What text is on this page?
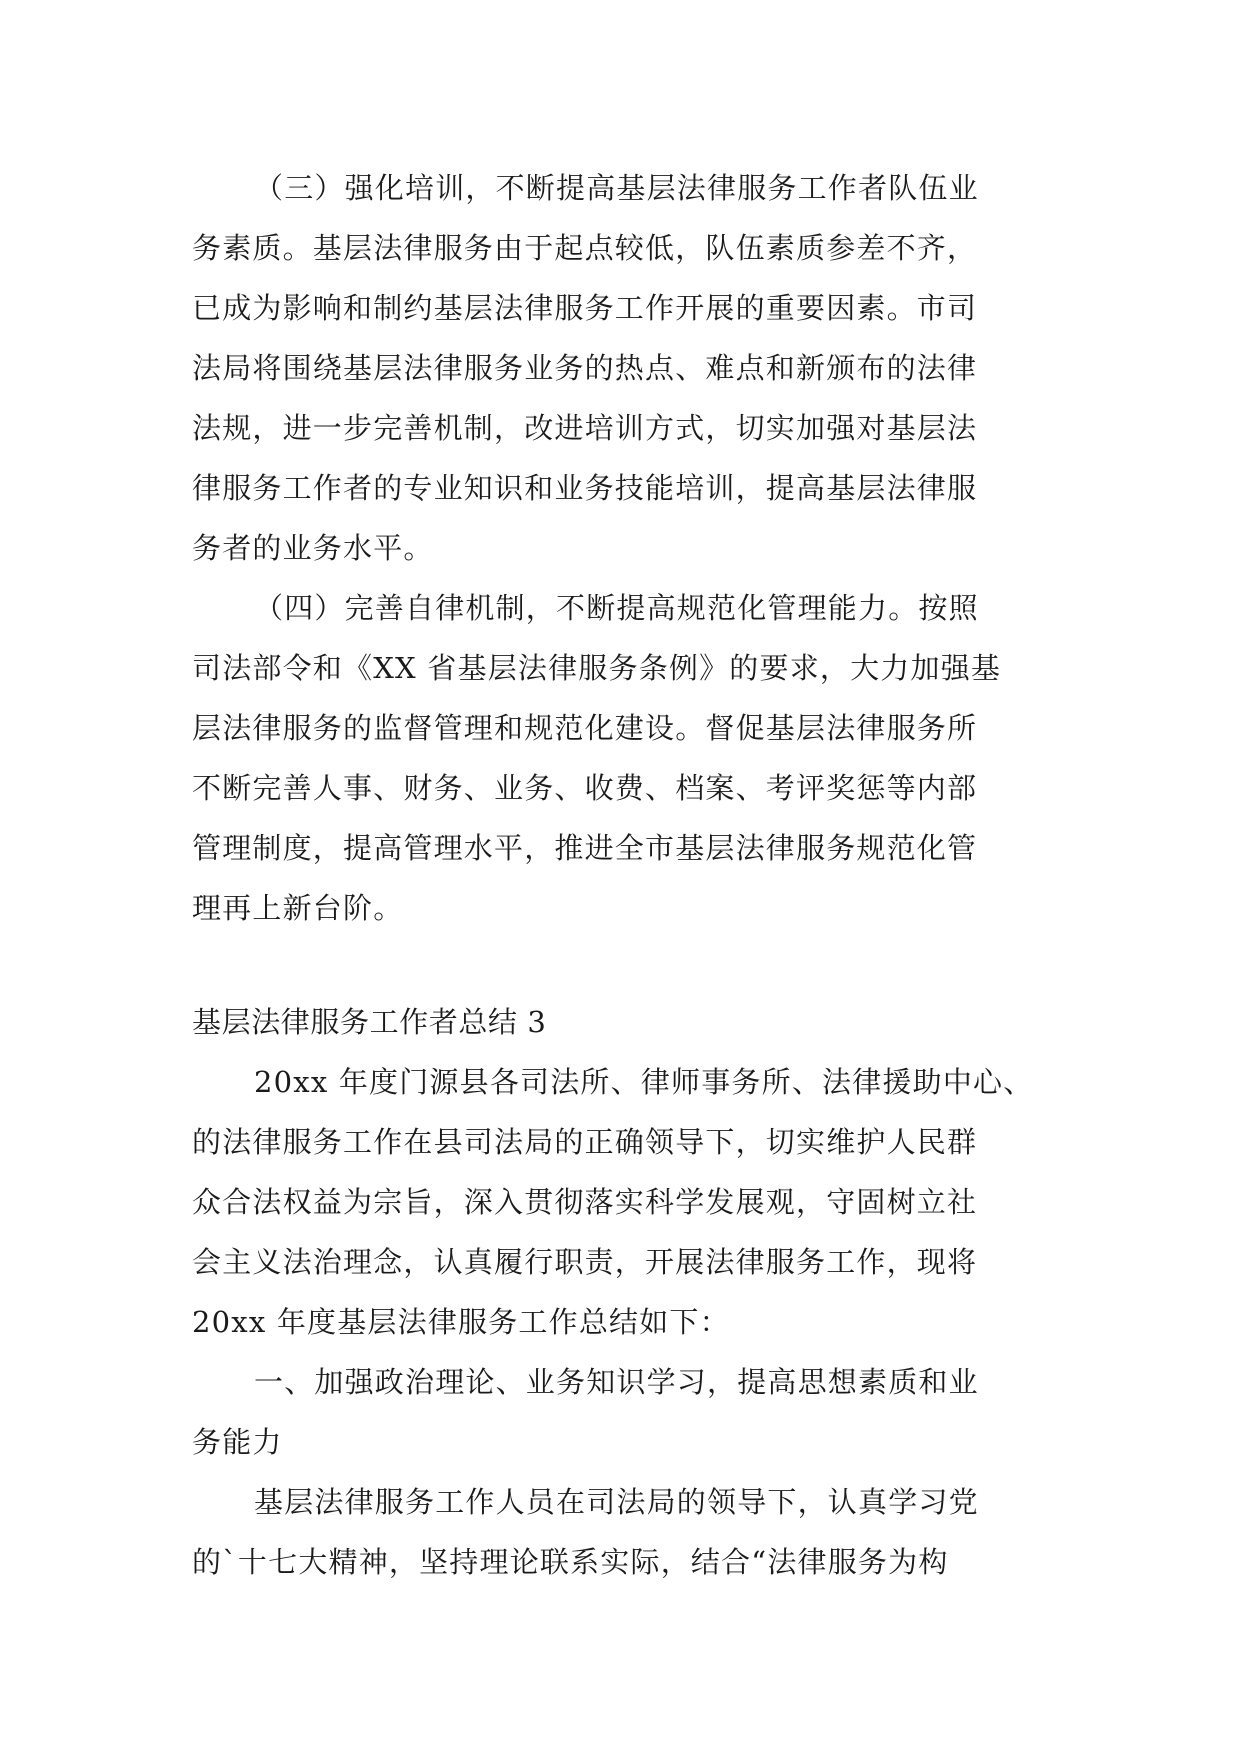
（三）强化培训，不断提高基层法律服务工作者队伍业
务素质。基层法律服务由于起点较低，队伍素质参差不齐，
已成为影响和制约基层法律服务工作开展的重要因素。市司
法局将围绕基层法律服务业务的热点、难点和新颁布的法律
法规，进一步完善机制，改进培训方式，切实加强对基层法
律服务工作者的专业知识和业务技能培训，提高基层法律服
务者的业务水平。
（四）完善自律机制，不断提高规范化管理能力。按照
司法部令和《XX 省基层法律服务条例》的要求，大力加强基
层法律服务的监督管理和规范化建设。督促基层法律服务所
不断完善人事、财务、业务、收费、档案、考评奖惩等内部
管理制度，提高管理水平，推进全市基层法律服务规范化管
理再上新台阶。
基层法律服务工作者总结 3
20xx 年度门源县各司法所、律师事务所、法律援助中心、
的法律服务工作在县司法局的正确领导下，切实维护人民群
众合法权益为宗旨，深入贯彻落实科学发展观，守固树立社
会主义法治理念，认真履行职责，开展法律服务工作，现将
20xx 年度基层法律服务工作总结如下：
一、加强政治理论、业务知识学习，提高思想素质和业
务能力
基层法律服务工作人员在司法局的领导下，认真学习党
的`十七大精神，坚持理论联系实际，结合“法律服务为构
